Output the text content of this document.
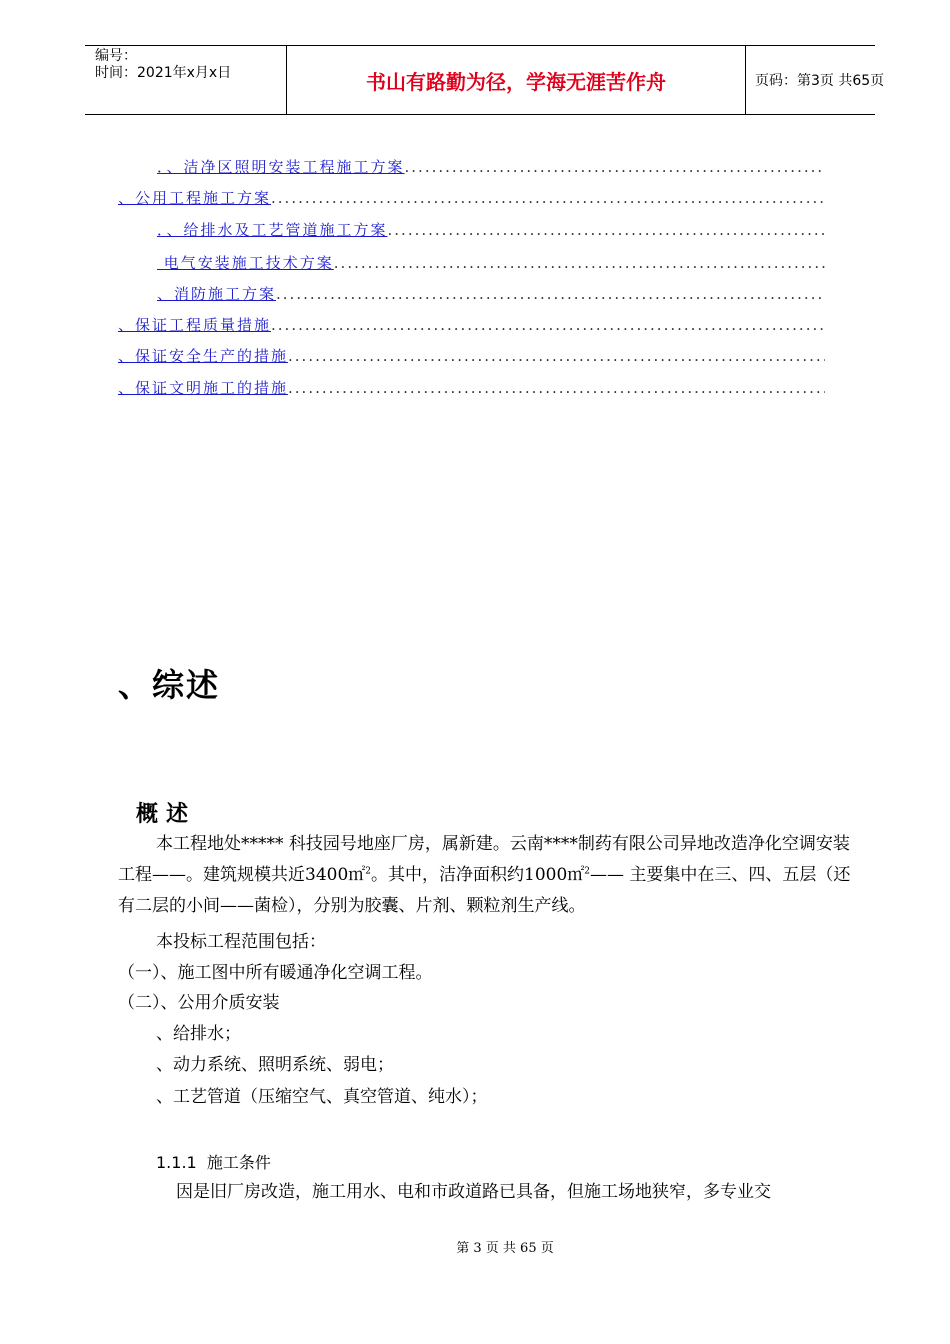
编号：
时间：2021年x月x日	书山有路勤为径，学海无涯苦作舟	页码：第3页 共65页
．、洁净区照明安装工程施工方案
.....
、公用工程施工方案
.....
．、给排水及工艺管道施工方案
.....
电气安装施工技术方案
.....
、消防施工方案
.....
、保证工程质量措施
.....
、保证安全生产的措施
.....
、保证文明施工的措施
.....
、综述
概述
本工程地处***** 科技园号地座厂房，属新建。云南****制药有限公司异地改造净化空调安装工程——。建筑规模共近3400㎡$^2$。其中，洁净面积约1000㎡$^2$—— 主要集中在三、四、五层（还有二层的小间——菌检），分别为胶囊、片剂、颗粒剂生产线。
本投标工程范围包括：
（一）、施工图中所有暖通净化空调工程。
（二）、公用介质安装
、给排水；
、动力系统、照明系统、弱电；
、工艺管道（压缩空气、真空管道、纯水）；
1.1.1  施工条件
因是旧厂房改造，施工用水、电和市政道路已具备，但施工场地狭窄，多专业交
第 3 页 共 65 页
